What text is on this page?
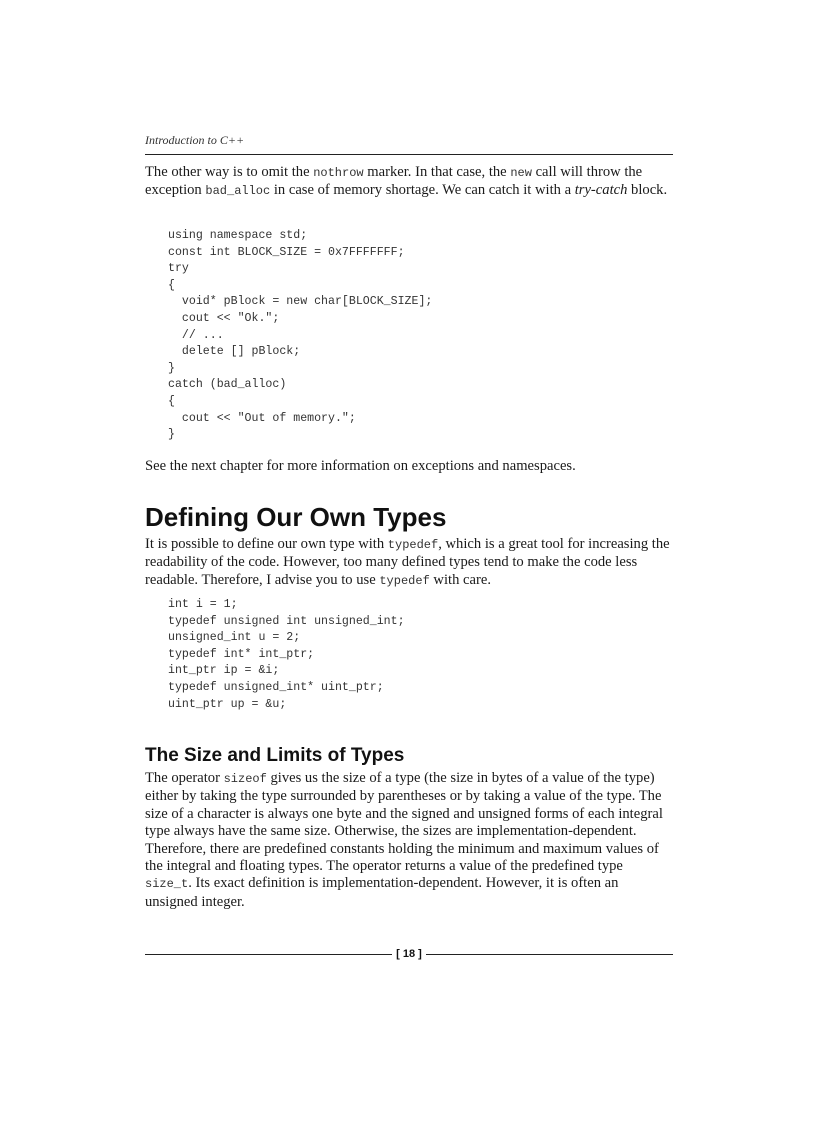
Introduction to C++

The other way is to omit the nothrow marker. In that case, the new call will throw the exception bad_alloc in case of memory shortage. We can catch it with a try-catch block.

using namespace std;
const int BLOCK_SIZE = 0x7FFFFFFF;
try
{
void* pBlock = new char[BLOCK_SIZE];
cout << "Ok.";
// ...
delete [] pBlock;
}
catch (bad_alloc)
{
cout << "Out of memory.";
}

See the next chapter for more information on exceptions and namespaces.

Defining Our Own Types

It is possible to define our own type with typedef, which is a great tool for increasing the readability of the code. However, too many defined types tend to make the code less readable. Therefore, I advise you to use typedef with care.

int i = 1;
typedef unsigned int unsigned_int;
unsigned_int u = 2;
typedef int* int_ptr;
int_ptr ip = &i;
typedef unsigned_int* uint_ptr;
uint_ptr up = &u;
The Size and Limits of Types

The operator sizeof gives us the size of a type (the size in bytes of a value of the type) either by taking the type surrounded by parentheses or by taking a value of the type. The size of a character is always one byte and the signed and unsigned forms of each integral type always have the same size. Otherwise, the sizes are implementation-dependent. Therefore, there are predefined constants holding the minimum and maximum values of the integral and floating types. The operator returns a value of the predefined type size_t. Its exact definition is implementation-dependent. However, it is often an unsigned integer.

[ 18 ]
